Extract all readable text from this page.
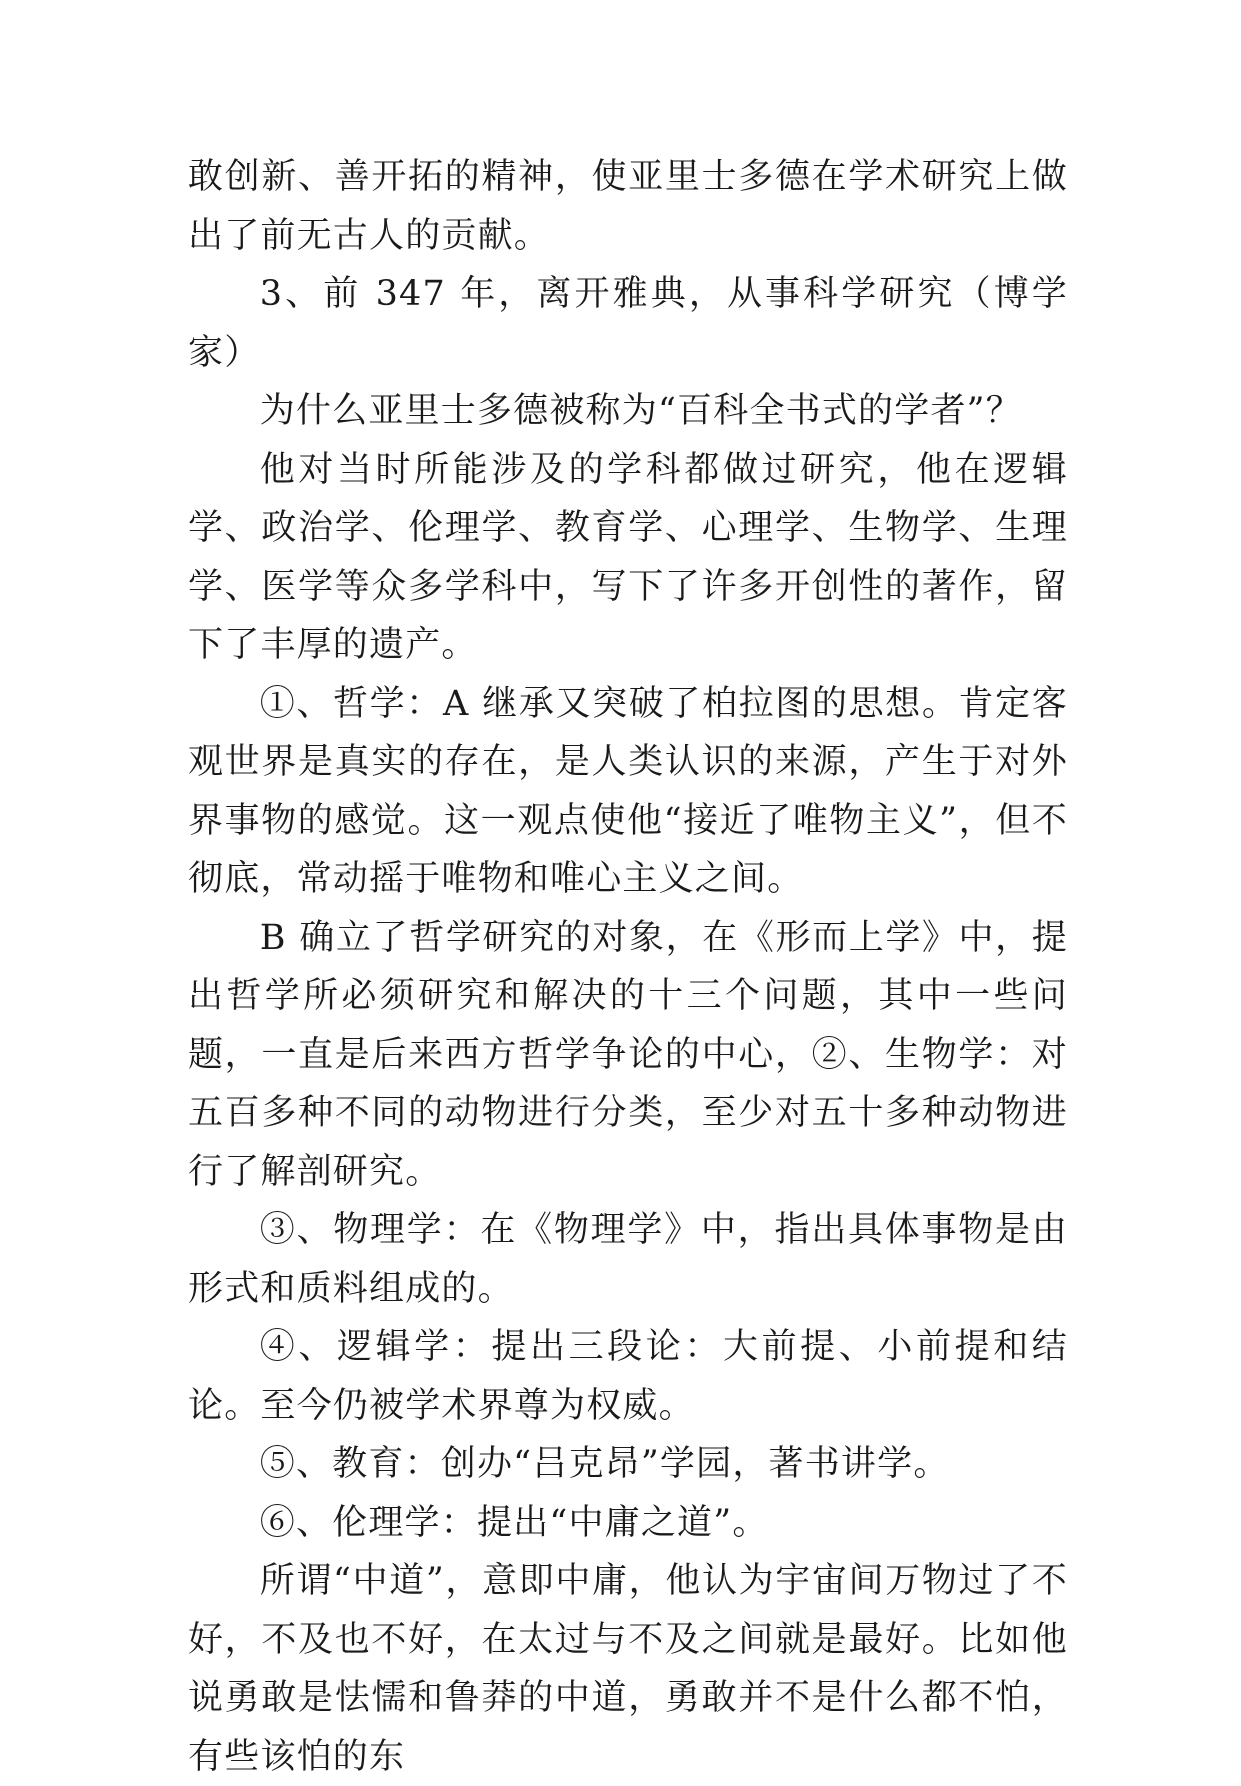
敢创新、善开拓的精神，使亚里士多德在学术研究上做出了前无古人的贡献。

3、前 347 年，离开雅典，从事科学研究（博学家）

为什么亚里士多德被称为“百科全书式的学者”？

他对当时所能涉及的学科都做过研究，他在逻辑学、政治学、伦理学、教育学、心理学、生物学、生理学、医学等众多学科中，写下了许多开创性的著作，留下了丰厚的遗产。

①、哲学：A 继承又突破了柏拉图的思想。肯定客观世界是真实的存在，是人类认识的来源，产生于对外界事物的感觉。这一观点使他“接近了唯物主义”，但不彻底，常动摇于唯物和唯心主义之间。

B 确立了哲学研究的对象，在《形而上学》中，提出哲学所必须研究和解决的十三个问题，其中一些问题，一直是后来西方哲学争论的中心，②、生物学：对五百多种不同的动物进行分类，至少对五十多种动物进行了解剖研究。

③、物理学：在《物理学》中，指出具体事物是由形式和质料组成的。

④、逻辑学：提出三段论：大前提、小前提和结论。至今仍被学术界尊为权威。

⑤、教育：创办“吕克昂”学园，著书讲学。

⑥、伦理学：提出“中庸之道”。

所谓“中道”，意即中庸，他认为宇宙间万物过了不好，不及也不好，在太过与不及之间就是最好。比如他说勇敢是怯懦和鲁莽的中道，勇敢并不是什么都不怕，有些该怕的东
